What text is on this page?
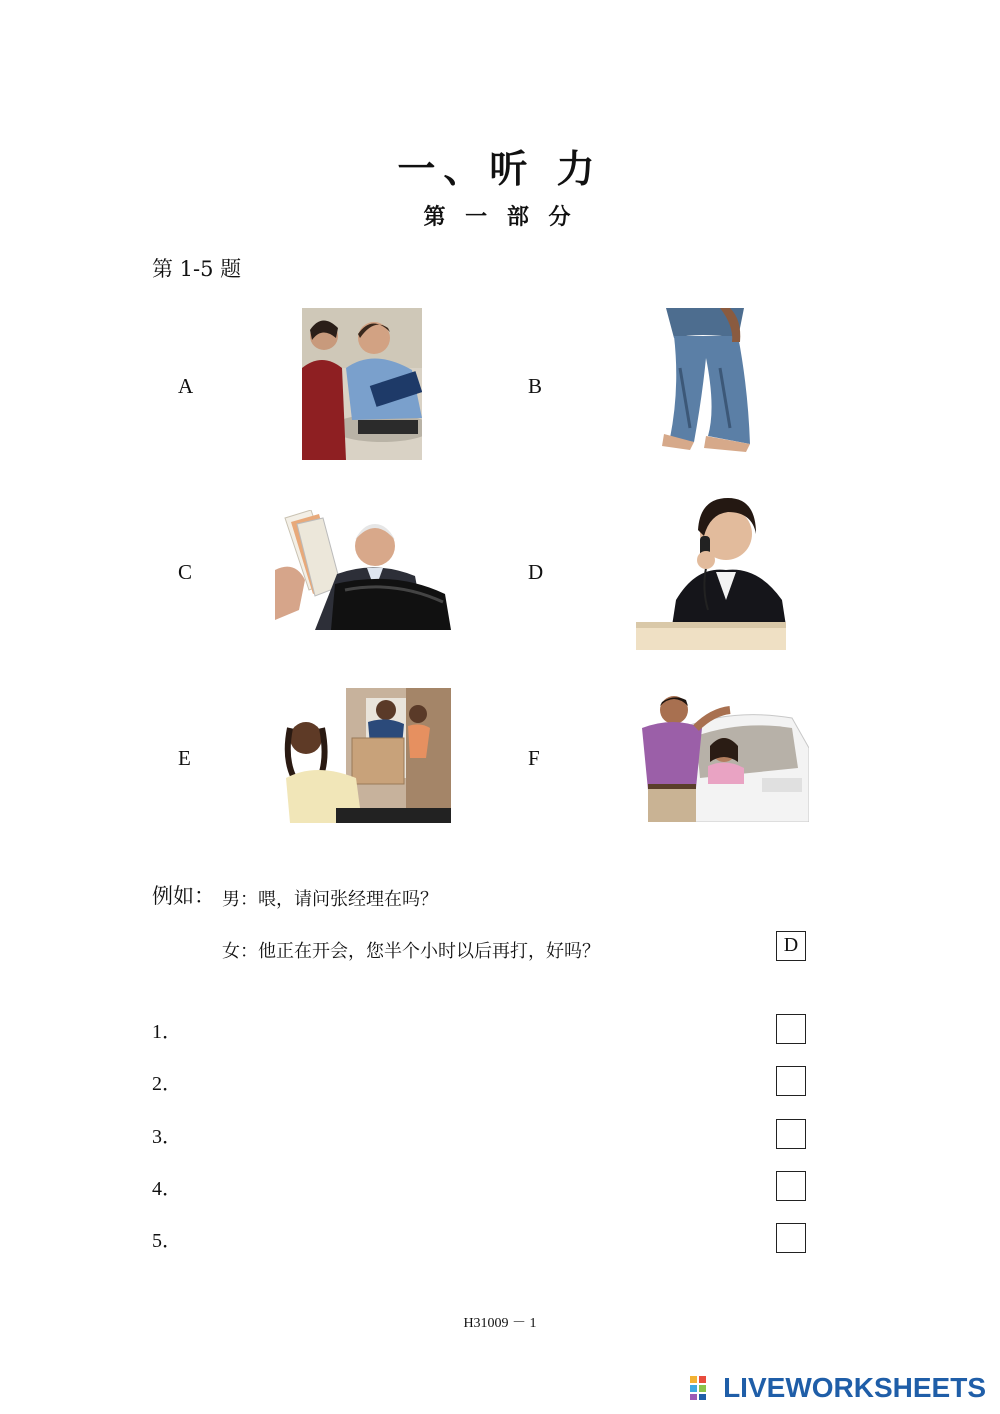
一、听 力
第 一 部 分
第 1-5 题
A	B
C	D
E	F
例如： 男：喂，请问张经理在吗？
女：他正在开会，您半个小时以后再打，好吗？	D
1．
2．
3．
4．
5．
H31009 － 1
LIVEWORKSHEETS
